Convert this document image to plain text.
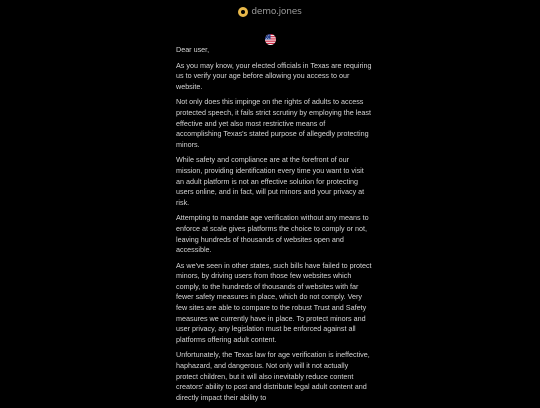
demo.jones

Dear user,

As you may know, your elected officials in Texas are requiring us to verify your age before allowing you access to our website.

Not only does this impinge on the rights of adults to access protected speech, it fails strict scrutiny by employing the least effective and yet also most restrictive means of accomplishing Texas's stated purpose of allegedly protecting minors.

While safety and compliance are at the forefront of our mission, providing identification every time you want to visit an adult platform is not an effective solution for protecting users online, and in fact, will put minors and your privacy at risk.

Attempting to mandate age verification without any means to enforce at scale gives platforms the choice to comply or not, leaving hundreds of thousands of websites open and accessible.

As we've seen in other states, such bills have failed to protect minors, by driving users from those few websites which comply, to the hundreds of thousands of websites with far fewer safety measures in place, which do not comply. Very few sites are able to compare to the robust Trust and Safety measures we currently have in place. To protect minors and user privacy, any legislation must be enforced against all platforms offering adult content.

Unfortunately, the Texas law for age verification is ineffective, haphazard, and dangerous. Not only will it not actually protect children, but it will also inevitably reduce content creators' ability to post and distribute legal adult content and directly impact their ability to
